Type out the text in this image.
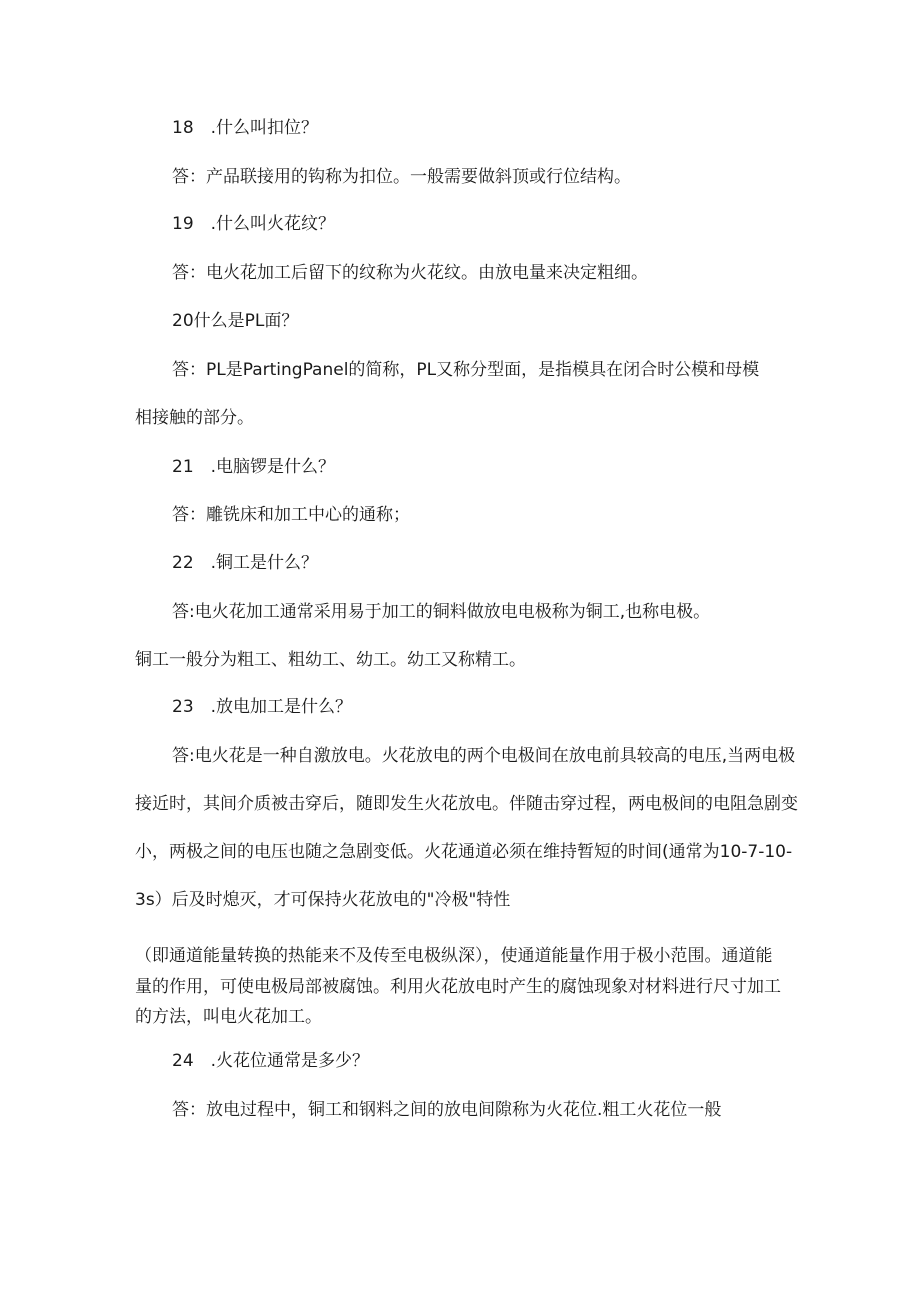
18　.什么叫扣位？
答：产品联接用的钩称为扣位。一般需要做斜顶或行位结构。
19　.什么叫火花纹？
答：电火花加工后留下的纹称为火花纹。由放电量来决定粗细。
20什么是PL面？
答：PL是PartingPanel的简称，PL又称分型面，是指模具在闭合时公模和母模
相接触的部分。
21　.电脑锣是什么？
答：雕铣床和加工中心的通称；
22　.铜工是什么？
答:电火花加工通常采用易于加工的铜料做放电电极称为铜工,也称电极。
铜工一般分为粗工、粗幼工、幼工。幼工又称精工。
23　.放电加工是什么？
答:电火花是一种自激放电。火花放电的两个电极间在放电前具较高的电压,当两电极
接近时，其间介质被击穿后，随即发生火花放电。伴随击穿过程，两电极间的电阻急剧变
小，两极之间的电压也随之急剧变低。火花通道必须在维持暂短的时间(通常为10-7-10-
3s）后及时熄灭，才可保持火花放电的"冷极"特性
（即通道能量转换的热能来不及传至电极纵深），使通道能量作用于极小范围。通道能
量的作用，可使电极局部被腐蚀。利用火花放电时产生的腐蚀现象对材料进行尺寸加工
的方法，叫电火花加工。
24　.火花位通常是多少？
答：放电过程中，铜工和钢料之间的放电间隙称为火花位.粗工火花位一般
